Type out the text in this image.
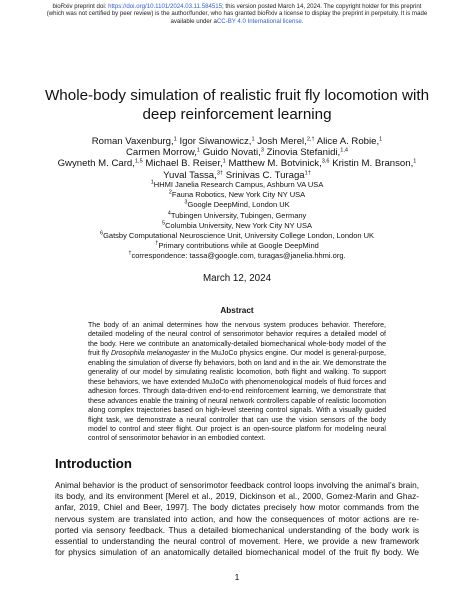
bioRxiv preprint doi: https://doi.org/10.1101/2024.03.11.584515; this version posted March 14, 2024. The copyright holder for this preprint
(which was not certified by peer review) is the author/funder, who has granted bioRxiv a license to display the preprint in perpetuity. It is made
available under aCC-BY 4.0 International license.
Whole-body simulation of realistic fruit fly locomotion with
deep reinforcement learning
Roman Vaxenburg,$^1$ Igor Siwanowicz,$^1$ Josh Merel,$^{2,\dagger}$ Alice A. Robie,$^1$
Carmen Morrow,$^1$ Guido Novati,$^3$ Zinovia Stefanidi,$^{1,4}$
Gwyneth M. Card,$^{1,5}$ Michael B. Reiser,$^1$ Matthew M. Botvinick,$^{3,6}$ Kristin M. Branson,$^1$
Yuval Tassa,$^{3\dagger}$ Srinivas C. Turaga$^{1\dagger}$
$^1$HHMI Janelia Research Campus, Ashburn VA USA
$^2$Fauna Robotics, New York City NY USA
$^3$Google DeepMind, London UK
$^4$Tubingen University, Tubingen, Germany
$^5$Columbia University, New York City NY USA
$^6$Gatsby Computational Neuroscience Unit, University College London, London UK
†Primary contributions while at Google DeepMind
†correspondence: tassa@google.com, turagas@janelia.hhmi.org.
March 12, 2024
Abstract
The body of an animal determines how the nervous system produces behavior. Therefore,
detailed modeling of the neural control of sensorimotor behavior requires a detailed model of
the body. Here we contribute an anatomically-detailed biomechanical whole-body model of the
fruit fly Drosophila melanogaster in the MuJoCo physics engine. Our model is general-purpose,
enabling the simulation of diverse fly behaviors, both on land and in the air. We demonstrate the
generality of our model by simulating realistic locomotion, both flight and walking. To support
these behaviors, we have extended MuJoCo with phenomenological models of fluid forces and
adhesion forces. Through data-driven end-to-end reinforcement learning, we demonstrate that
these advances enable the training of neural network controllers capable of realistic locomotion
along complex trajectories based on high-level steering control signals. With a visually guided
flight task, we demonstrate a neural controller that can use the vision sensors of the body
model to control and steer flight. Our project is an open-source platform for modeling neural
control of sensorimotor behavior in an embodied context.
Introduction
Animal behavior is the product of sensorimotor feedback control loops involving the animal’s brain,
its body, and its environment [Merel et al., 2019, Dickinson et al., 2000, Gomez-Marin and Ghaz-
anfar, 2019, Chiel and Beer, 1997]. The body dictates precisely how motor commands from the
nervous system are translated into action, and how the consequences of motor actions are re-
ported via sensory feedback. Thus a detailed biomechanical understanding of the body work is
essential to understanding the neural control of movement. Here, we provide a new framework
for physics simulation of an anatomically detailed biomechanical model of the fruit fly body. We
1
